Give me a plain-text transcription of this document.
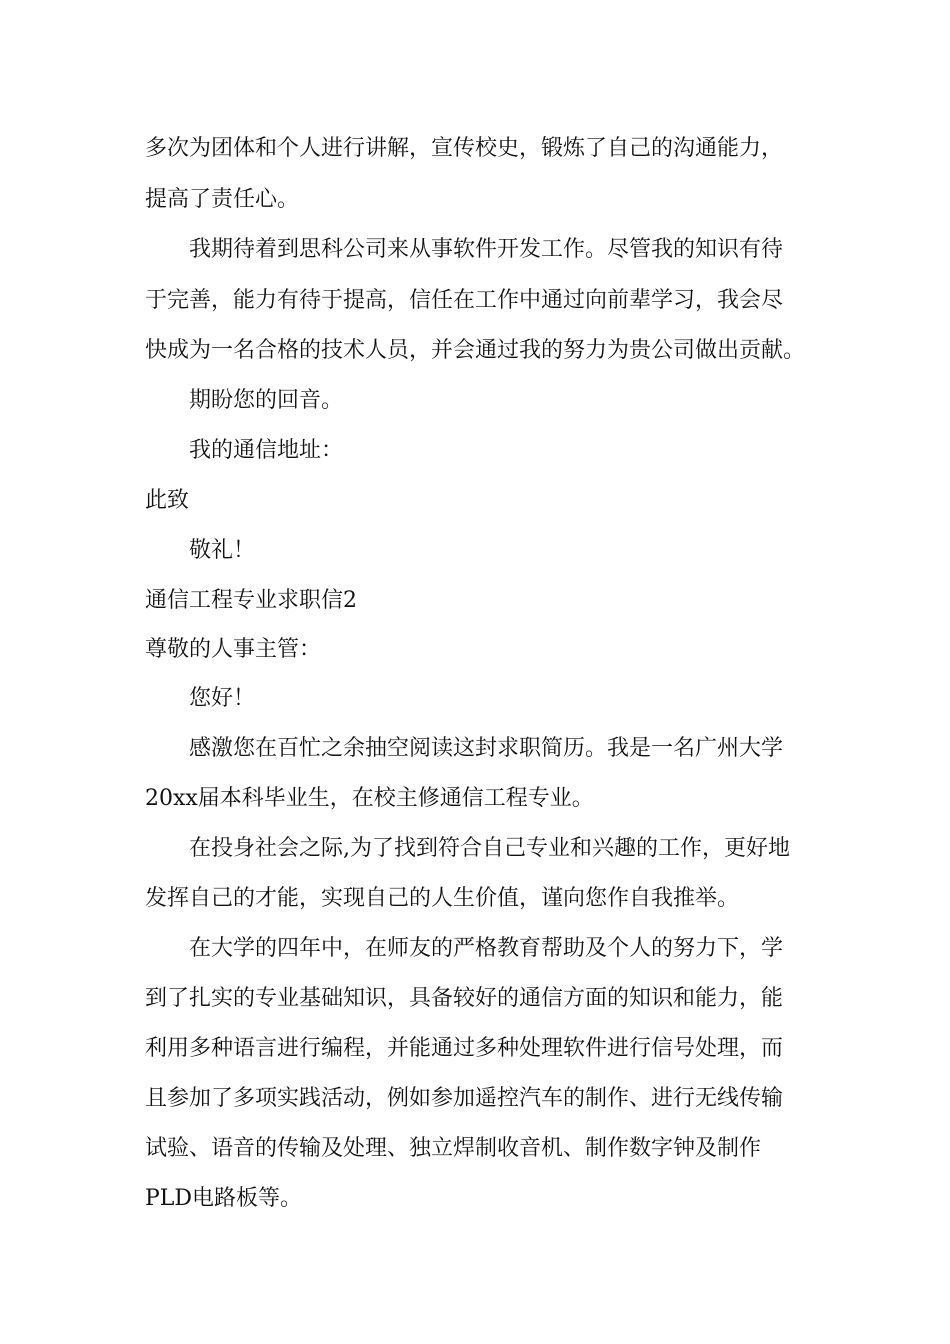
多次为团体和个人进行讲解，宣传校史，锻炼了自己的沟通能力，
提高了责任心。
我期待着到思科公司来从事软件开发工作。尽管我的知识有待
于完善，能力有待于提高，信任在工作中通过向前辈学习，我会尽
快成为一名合格的技术人员，并会通过我的努力为贵公司做出贡献。
期盼您的回音。
我的通信地址：
此致
敬礼！
通信工程专业求职信2
尊敬的人事主管：
您好！
感激您在百忙之余抽空阅读这封求职简历。我是一名广州大学
20xx届本科毕业生，在校主修通信工程专业。
在投身社会之际,为了找到符合自己专业和兴趣的工作，更好地
发挥自己的才能，实现自己的人生价值，谨向您作自我推举。
在大学的四年中，在师友的严格教育帮助及个人的努力下，学
到了扎实的专业基础知识，具备较好的通信方面的知识和能力，能
利用多种语言进行编程，并能通过多种处理软件进行信号处理，而
且参加了多项实践活动，例如参加遥控汽车的制作、进行无线传输
试验、语音的传输及处理、独立焊制收音机、制作数字钟及制作
PLD电路板等。
